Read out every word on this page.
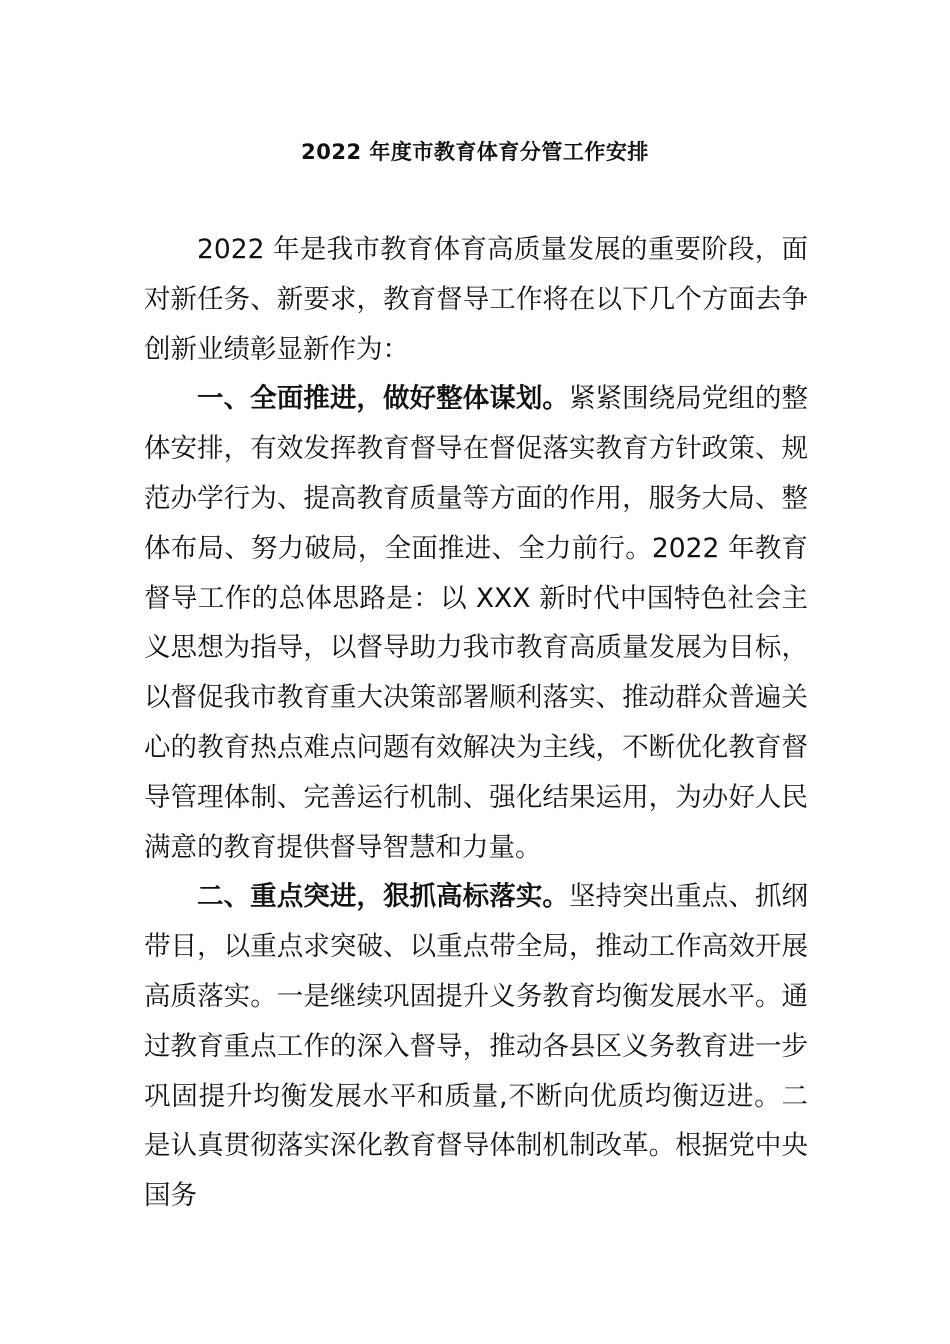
2022 年度市教育体育分管工作安排

2022 年是我市教育体育高质量发展的重要阶段，面对新任务、新要求，教育督导工作将在以下几个方面去争创新业绩彰显新作为：

一、全面推进，做好整体谋划。紧紧围绕局党组的整体安排，有效发挥教育督导在督促落实教育方针政策、规范办学行为、提高教育质量等方面的作用，服务大局、整体布局、努力破局，全面推进、全力前行。2022 年教育督导工作的总体思路是：以 XXX 新时代中国特色社会主义思想为指导，以督导助力我市教育高质量发展为目标，以督促我市教育重大决策部署顺利落实、推动群众普遍关心的教育热点难点问题有效解决为主线，不断优化教育督导管理体制、完善运行机制、强化结果运用，为办好人民满意的教育提供督导智慧和力量。

二、重点突进，狠抓高标落实。坚持突出重点、抓纲带目，以重点求突破、以重点带全局，推动工作高效开展高质落实。一是继续巩固提升义务教育均衡发展水平。通过教育重点工作的深入督导，推动各县区义务教育进一步巩固提升均衡发展水平和质量,不断向优质均衡迈进。二是认真贯彻落实深化教育督导体制机制改革。根据党中央国务
